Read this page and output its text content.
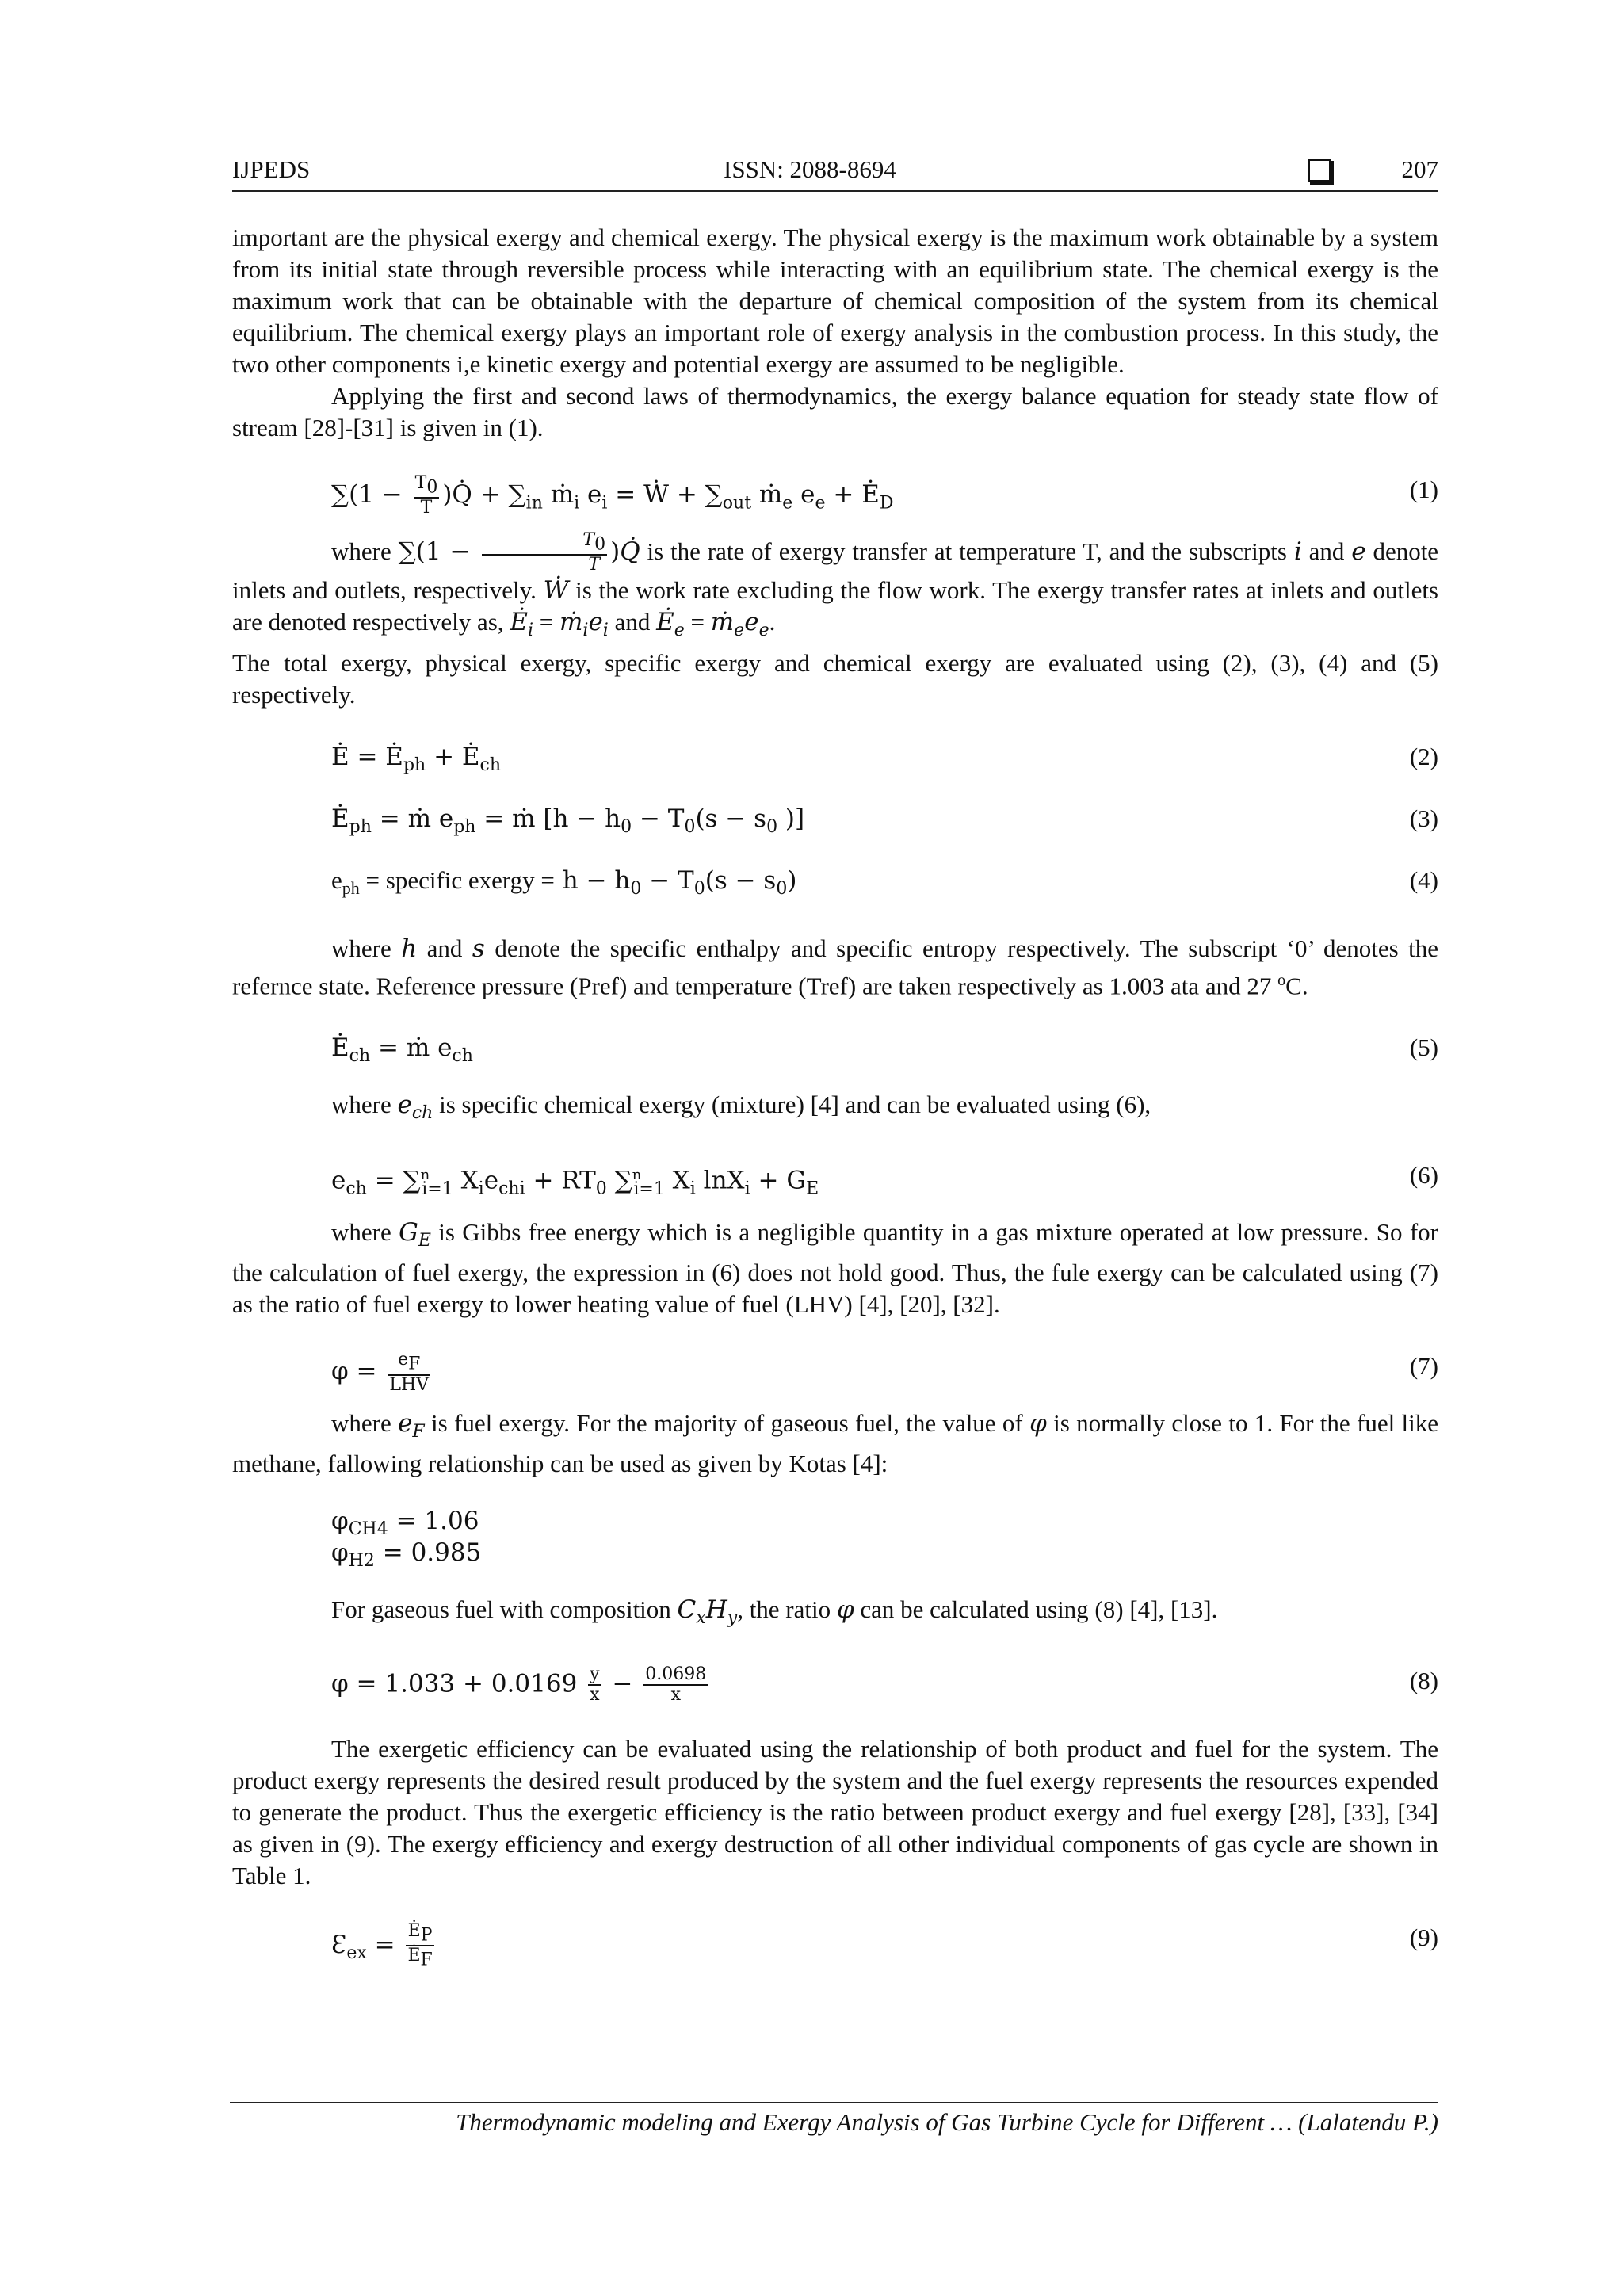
IJPEDS	ISSN: 2088-8694	207

important are the physical exergy and chemical exergy. The physical exergy is the maximum work obtainable by a system from its initial state through reversible process while interacting with an equilibrium state. The chemical exergy is the maximum work that can be obtainable with the departure of chemical composition of the system from its chemical equilibrium. The chemical exergy plays an important role of exergy analysis in the combustion process. In this study, the two other components i,e kinetic exergy and potential exergy are assumed to be negligible.

Applying the first and second laws of thermodynamics, the exergy balance equation for steady state flow of stream [28]-[31] is given in (1).

$\sum(1 - \frac{T_0}{T}$ )Q̇ + $\sum_{in}$ ṁ$_i$ $e_i$ = Ẇ + $\sum_{out}$ ṁ$_e$ $e_e$ + $Ė_D$	(1)

where $\sum(1 - \frac{T_0}{T}$ )Q̇ is the rate of exergy transfer at temperature T, and the subscripts i and e denote inlets and outlets, respectively. Ẇ is the work rate excluding the flow work. The exergy transfer rates at inlets and outlets are denoted respectively as, $Ė_i$ = $ṁ_ie_i$ and $Ė_e$ = $ṁ_ee_e$.

The total exergy, physical exergy, specific exergy and chemical exergy are evaluated using (2), (3), (4) and (5) respectively.

Ė = $Ė_{ph}$ + $Ė_{ch}$	(2)
$Ė_{ph}$ = ṁ $e_{ph}$ = ṁ [$h - h_0 - T_0(s - s_0$ )]	(3)
$e_{ph}$ = specific exergy = $h - h_0 - T_0(s - s_0)$	(4)

where h and s denote the specific enthalpy and specific entropy respectively. The subscript ‘0’ denotes the refernce state. Reference pressure (Pref) and temperature (Tref) are taken respectively as 1.003 ata and 27 $^o$C.

$Ė_{ch}$ = ṁ $e_{ch}$	(5)

where $e_{ch}$ is specific chemical exergy (mixture) [4] and can be evaluated using (6),

$e_{ch} = \sum^n_{i=1}$ $X_ie_{chi} + RT_0$ ∑$^n_{i=1}$ $X_i$ $\ln X_i + G_E$
(6)

where $G_E$ is Gibbs free energy which is a negligible quantity in a gas mixture operated at low pressure. So for the calculation of fuel exergy, the expression in (6) does not hold good. Thus, the fule exergy can be calculated using (7) as the ratio of fuel exergy to lower heating value of fuel (LHV) [4], [20], [32].

$\varphi = \frac{e_F}{\text{LHV}}$	(7)

where $e_F$ is fuel exergy. For the majority of gaseous fuel, the value of φ is normally close to 1. For the fuel like methane, fallowing relationship can be used as given by Kotas [4]:

$\varphi_{CH4} = 1.06$
$\varphi_{H2} = 0.985$

For gaseous fuel with composition $C_xH_y$, the ratio φ can be calculated using (8) [4], [13].

$\varphi = 1.033 + 0.0169 \frac{y}{x} - \frac{0.0698}{x}$	(8)

The exergetic efficiency can be evaluated using the relationship of both product and fuel for the system. The product exergy represents the desired result produced by the system and the fuel exergy represents the resources expended to generate the product. Thus the exergetic efficiency is the ratio between product exergy and fuel exergy [28], [33], [34] as given in (9). The exergy efficiency and exergy destruction of all other individual components of gas cycle are shown in Table 1.

$Ɛ_{ex} = \frac{Ė_P}{Ė_F}$	(9)
Thermodynamic modeling and Exergy Analysis of Gas Turbine Cycle for Different … (Lalatendu P.)
